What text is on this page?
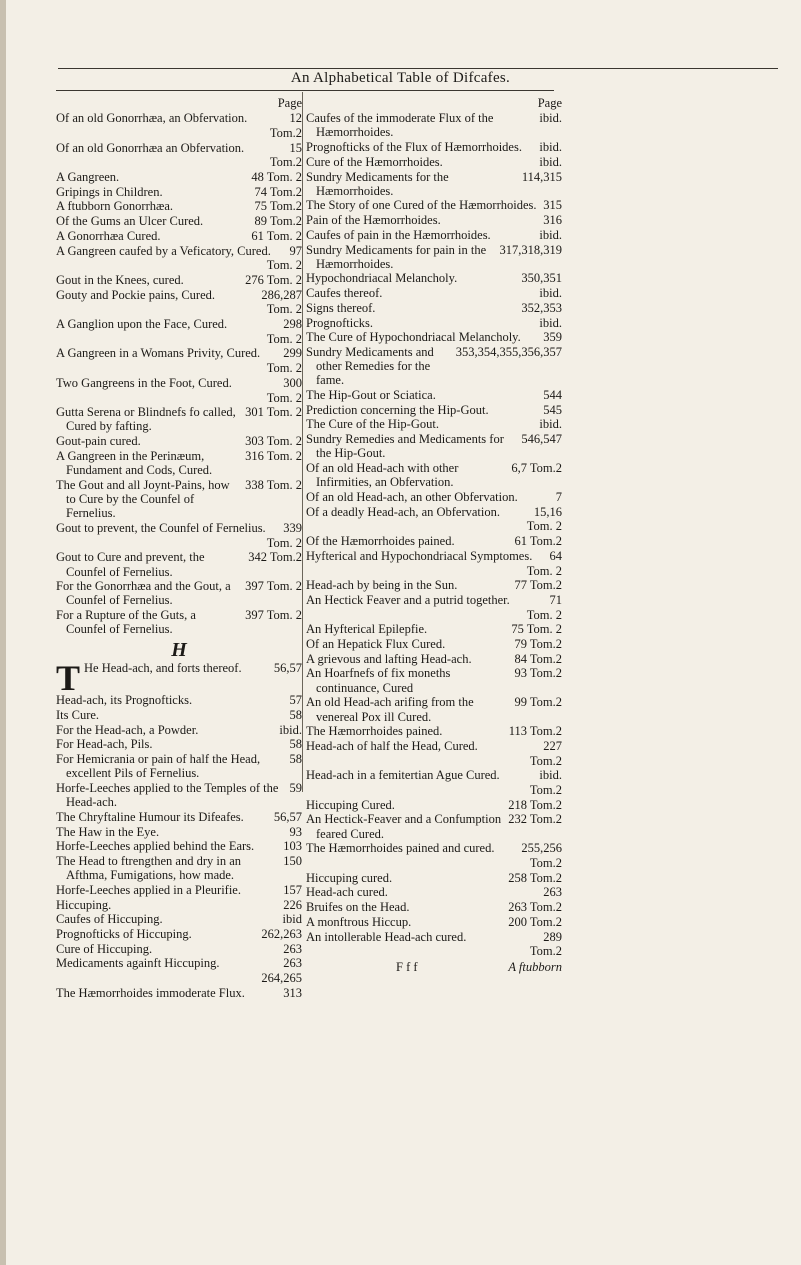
An Alphabetical Table of Difcafes.
Page
Of an old Gonorrhæa, an Obfervation.	12
Tom.2
Of an old Gonorrhæa an Obfervation.	15
Tom.2
A Gangreen.	48 Tom. 2
Gripings in Children.	74 Tom.2
A ftubborn Gonorrhæa.	75 Tom.2
Of the Gums an Ulcer Cured.	89 Tom.2
A Gonorrhæa Cured.	61 Tom. 2
A Gangreen caufed by a Veficatory, Cured.	97
Tom. 2
Gout in the Knees, cured.	276 Tom. 2
Gouty and Pockie pains, Cured.	286,287
Tom. 2
A Ganglion upon the Face, Cured.	298
Tom. 2
A Gangreen in a Womans Privity, Cured.	299
Tom. 2
Two Gangreens in the Foot, Cured.	300
Tom. 2
Gutta Serena or Blindnefs fo called, Cured by fafting.
301 Tom. 2
Gout-pain cured.	303 Tom. 2
A Gangreen in the Perinæum, Fundament and Cods, Cured.
316 Tom. 2
The Gout and all Joynt-Pains, how to Cure by the Counfel of Fernelius.
338 Tom. 2
Gout to prevent, the Counfel of Fernelius.	339
Tom. 2
Gout to Cure and prevent, the Counfel of Fernelius.
342 Tom.2
For the Gonorrhæa and the Gout, a Counfel of Fernelius.
397 Tom. 2
For a Rupture of the Guts, a Counfel of Fernelius.
397 Tom. 2
H
T He Head-ach, and forts thereof.	56,57
Head-ach, its Prognofticks.	57
Its Cure.	58
For the Head-ach, a Powder.	ibid.
For Head-ach, Pils.	58
For Hemicrania or pain of half the Head, excellent Pils of Fernelius.
58
Horfe-Leeches applied to the Temples of the Head-ach.
59
The Chryftaline Humour its Difeafes.	56,57
The Haw in the Eye.	93
Horfe-Leeches applied behind the Ears.	103
The Head to ftrengthen and dry in an Afthma, Fumigations, how made.
150
Horfe-Leeches applied in a Pleurifie.	157
Hiccuping.	226
Caufes of Hiccuping.	ibid
Prognofticks of Hiccuping.	262,263
Cure of Hiccuping.	263
Medicaments againft Hiccuping.	263
264,265
The Hæmorrhoides immoderate Flux.	313
Page
Caufes of the immoderate Flux of the Hæmorrhoides.
ibid.
Prognofticks of the Flux of Hæmorrhoides.	ibid.
Cure of the Hæmorrhoides.	ibid.
Sundry Medicaments for the Hæmorrhoides.
114,315
The Story of one Cured of the Hæmorrhoides. 315
Pain of the Hæmorrhoides.	316
Caufes of pain in the Hæmorrhoides.	ibid.
Sundry Medicaments for pain in the Hæmorrhoides.
317,318,319
Hypochondriacal Melancholy.	350,351
Caufes thereof.	ibid.
Signs thereof.	352,353
Prognofticks.	ibid.
The Cure of Hypochondriacal Melancholy.	359
Sundry Medicaments and other Remedies for the fame.
353,354,355,356,357
The Hip-Gout or Sciatica.	544
Prediction concerning the Hip-Gout.	545
The Cure of the Hip-Gout.	ibid.
Sundry Remedies and Medicaments for the Hip-Gout.
546,547
Of an old Head-ach with other Infirmities, an Obfervation.
6,7 Tom.2
Of an old Head-ach, an other Obfervation.	7
Of a deadly Head-ach, an Obfervation.	15,16
Tom. 2
Of the Hæmorrhoides pained.	61 Tom.2
Hyfterical and Hypochondriacal Symptomes.	64
Tom. 2
Head-ach by being in the Sun.	77 Tom.2
An Hectick Feaver and a putrid together.	71
Tom. 2
An Hyfterical Epilepfie.	75 Tom. 2
Of an Hepatick Flux Cured.	79 Tom.2
A grievous and lafting Head-ach.	84 Tom.2
An Hoarfnefs of fix moneths continuance, Cured
93 Tom.2
An old Head-ach arifing from the venereal Pox ill Cured.
99 Tom.2
The Hæmorrhoides pained.	113 Tom.2
Head-ach of half the Head, Cured.	227
Tom.2
Head-ach in a femitertian Ague Cured.	ibid.
Tom.2
Hiccuping Cured.	218 Tom.2
An Hectick-Feaver and a Confumption feared Cured.
232 Tom.2
The Hæmorrhoides pained and cured.	255,256
Tom.2
Hiccuping cured.	258 Tom.2
Head-ach cured.	263
Bruifes on the Head.	263 Tom.2
A monftrous Hiccup.	200 Tom.2
An intollerable Head-ach cured.	289
Tom.2
F f f	A ftubborn
